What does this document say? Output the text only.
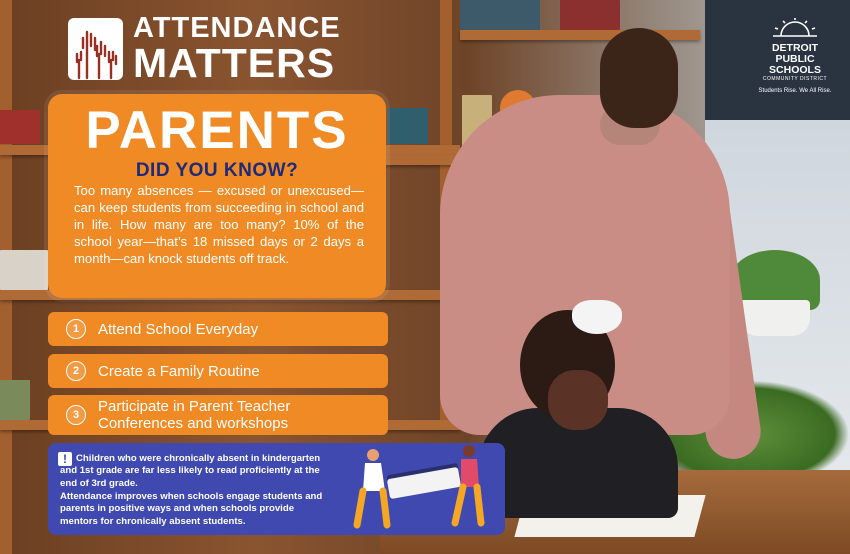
ATTENDANCE
MATTERS	DETROIT
PUBLIC SCHOOLS
COMMUNITY DISTRICT
Students Rise. We All Rise.
PARENTS
DID YOU KNOW?
Too many absences — excused or unexcused—can keep students from succeeding in school and in life. How many are too many? 10% of the school year—that’s 18 missed days or 2 days a month—can knock students off track.
1	Attend School Everyday
2	Create a Family Routine
3	Participate in Parent Teacher Conferences and workshops
! Children who were chronically absent in kindergarten and 1st grade are far less likely to read proficiently at the end of 3rd grade.
Attendance improves when schools engage students and parents in positive ways and when schools provide mentors for chronically absent students.
